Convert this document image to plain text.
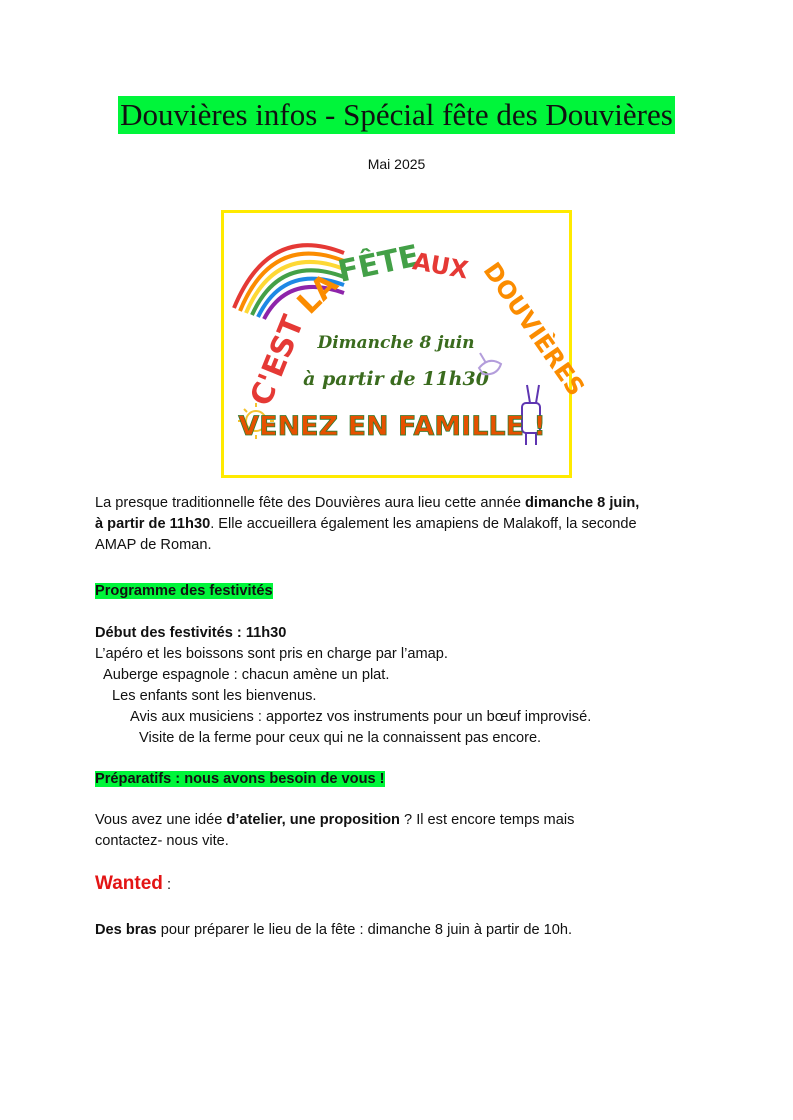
Douvières infos - Spécial fête des Douvières
Mai 2025
C'EST
LA
FÊTE
AUX DOUVIÈRES
Dimanche 8 juin
à partir de 11h30
VENEZ EN FAMILLE !

La presque traditionnelle fête des Douvières aura lieu cette année dimanche 8 juin,
à partir de 11h30. Elle accueillera également les amapiens de Malakoff, la seconde
AMAP de Roman.

Programme des festivités

Début des festivités : 11h30
L’apéro et les boissons sont pris en charge par l’amap.
Auberge espagnole : chacun amène un plat.
Les enfants sont les bienvenus.
Avis aux musiciens : apportez vos instruments pour un bœuf improvisé.
Visite de la ferme pour ceux qui ne la connaissent pas encore.

Préparatifs : nous avons besoin de vous !

Vous avez une idée d’atelier, une proposition ? Il est encore temps mais
contactez- nous vite.

Wanted :

Des bras pour préparer le lieu de la fête : dimanche 8 juin à partir de 10h.
